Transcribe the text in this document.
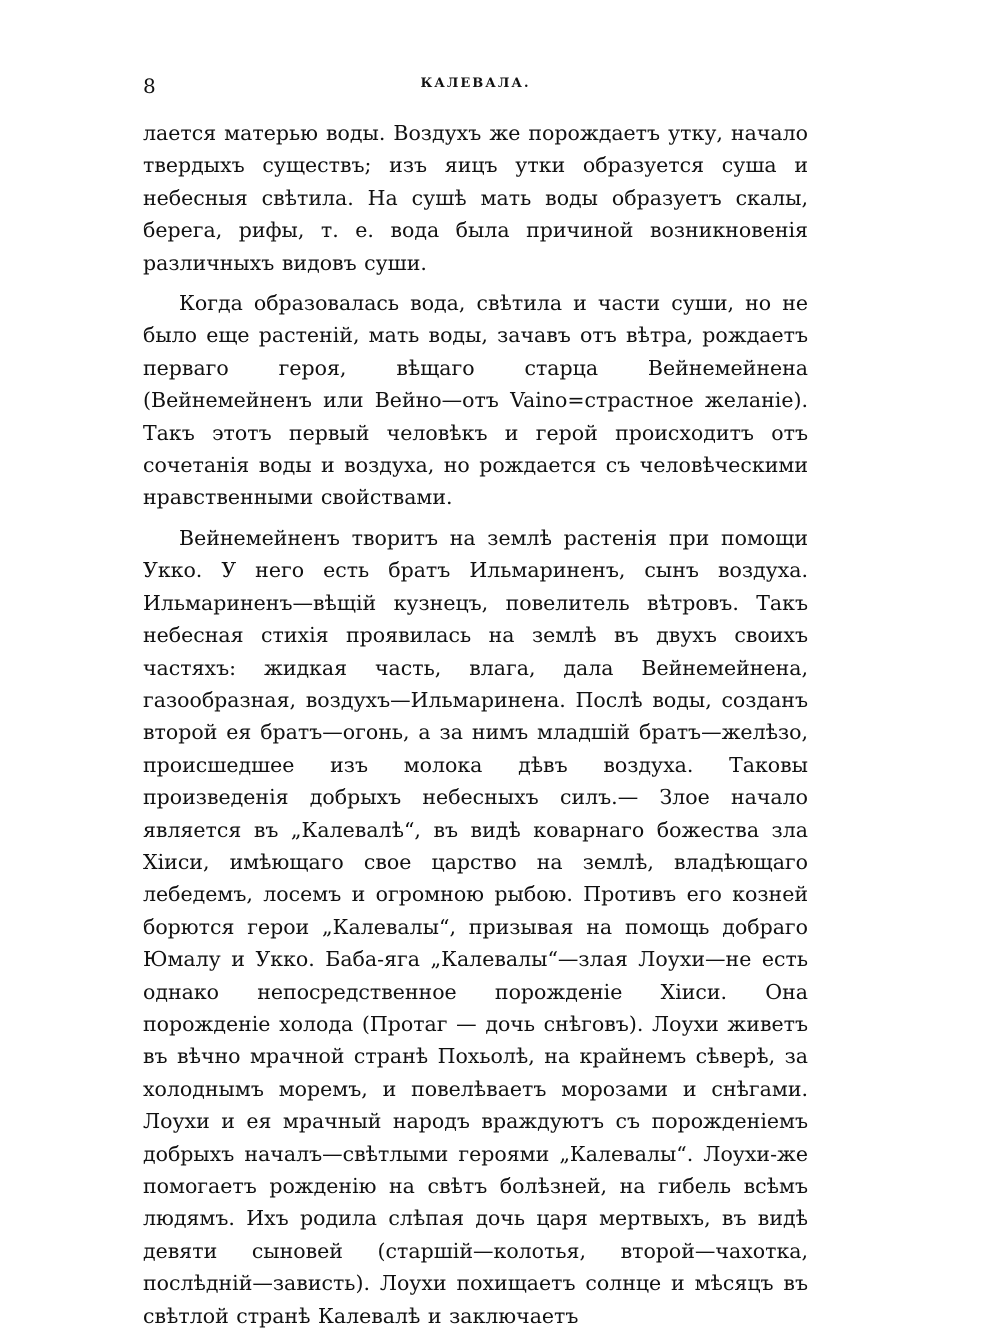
8	КАЛЕВАЛА.

лается матерью воды. Воздухъ же порождаетъ утку, начало твердыхъ существъ; изъ яицъ утки образуется суша и небесныя свѣтила. На сушѣ мать воды образуетъ скалы, берега, рифы, т. е. вода была причиной возникновенія различныхъ видовъ суши.

Когда образовалась вода, свѣтила и части суши, но не было еще растеній, мать воды, зачавъ отъ вѣтра, рождаетъ перваго героя, вѣщаго старца Вейнемейнена (Вейнемейненъ или Вейно—отъ Vaino=страстное желаніе). Такъ этотъ первый человѣкъ и герой происходитъ отъ сочетанія воды и воздуха, но рождается съ человѣческими нравственными свойствами.

Вейнемейненъ творитъ на землѣ растенія при помощи Укко. У него есть братъ Ильмариненъ, сынъ воздуха. Ильмариненъ—вѣщій кузнецъ, повелитель вѣтровъ. Такъ небесная стихія проявилась на землѣ въ двухъ своихъ частяхъ: жидкая часть, влага, дала Вейнемейнена, газообразная, воздухъ—Ильмаринена. Послѣ воды, созданъ второй ея братъ—огонь, а за нимъ младшій братъ—желѣзо, происшедшее изъ молока дѣвъ воздуха. Таковы произведенія добрыхъ небесныхъ силъ.— Злое начало является въ „Калевалѣ“, въ видѣ коварнаго божества зла Хіиси, имѣющаго свое царство на землѣ, владѣющаго лебедемъ, лосемъ и огромною рыбою. Противъ его козней борются герои „Калевалы“, призывая на помощь добраго Юмалу и Укко. Баба-яга „Калевалы“—злая Лоухи—не есть однако непосредственное порожденіе Хіиси. Она порожденіе холода (Протаг — дочь снѣговъ). Лоухи живетъ въ вѣчно мрачной странѣ Похьолѣ, на крайнемъ сѣверѣ, за холоднымъ моремъ, и повелѣваетъ морозами и снѣгами. Лоухи и ея мрачный народъ враждуютъ съ порожденіемъ добрыхъ началъ—свѣтлыми героями „Калевалы“. Лоухи-же помогаетъ рожденію на свѣтъ болѣзней, на гибель всѣмъ людямъ. Ихъ родила слѣпая дочь царя мертвыхъ, въ видѣ девяти сыновей (старшій—колотья, второй—чахотка, послѣдній—зависть). Лоухи похищаетъ солнце и мѣсяцъ въ свѣтлой странѣ Калевалѣ и заключаетъ
